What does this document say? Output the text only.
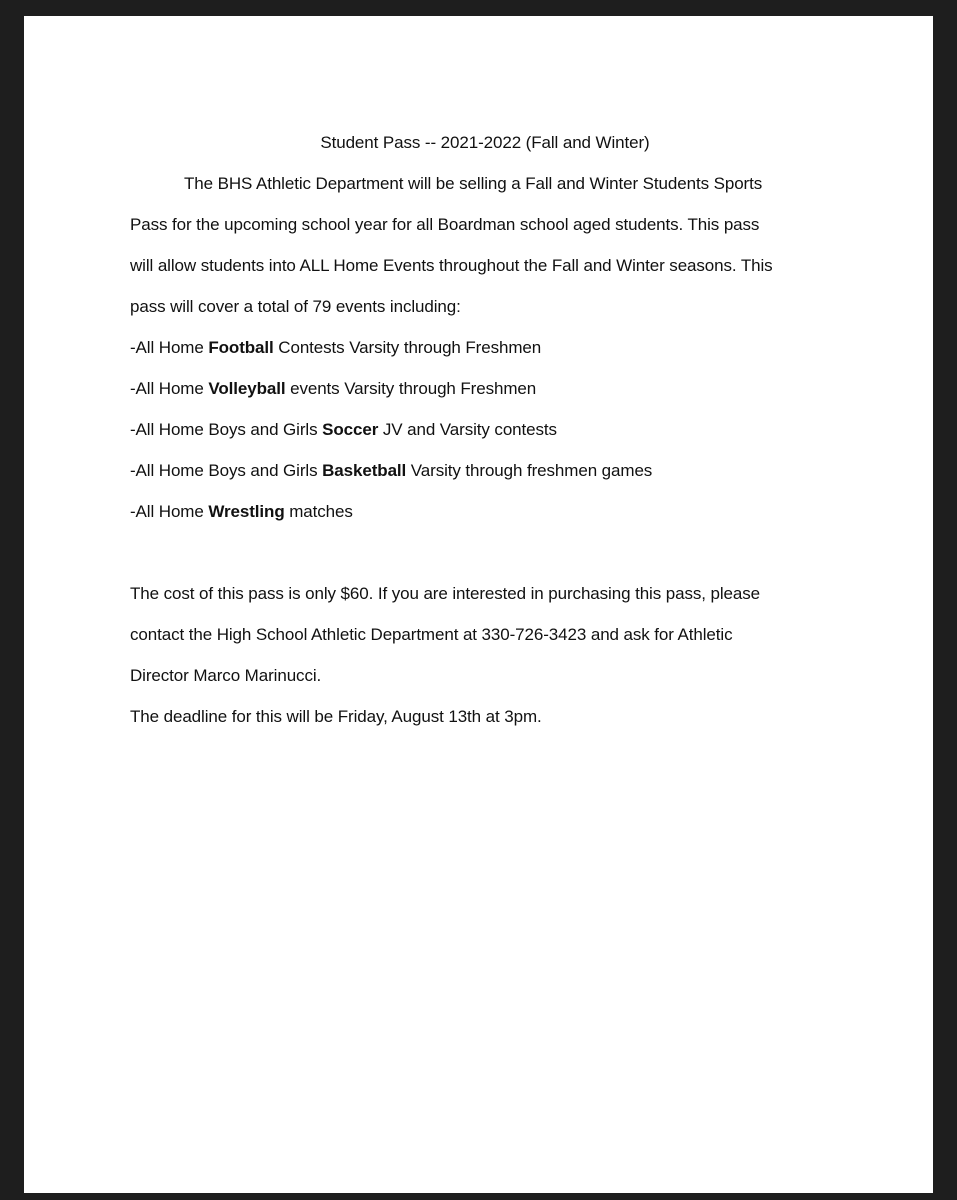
Student Pass -- 2021-2022 (Fall and Winter)

The BHS Athletic Department will be selling a Fall and Winter Students Sports

Pass for the upcoming school year for all Boardman school aged students. This pass

will allow students into ALL Home Events throughout the Fall and Winter seasons. This

pass will cover a total of 79 events including:

-All Home Football Contests Varsity through Freshmen

-All Home Volleyball events Varsity through Freshmen

-All Home Boys and Girls Soccer JV and Varsity contests

-All Home Boys and Girls Basketball Varsity through freshmen games

-All Home Wrestling matches

The cost of this pass is only $60. If you are interested in purchasing this pass, please

contact the High School Athletic Department at 330-726-3423 and ask for Athletic

Director Marco Marinucci.

The deadline for this will be Friday, August 13th at 3pm.
